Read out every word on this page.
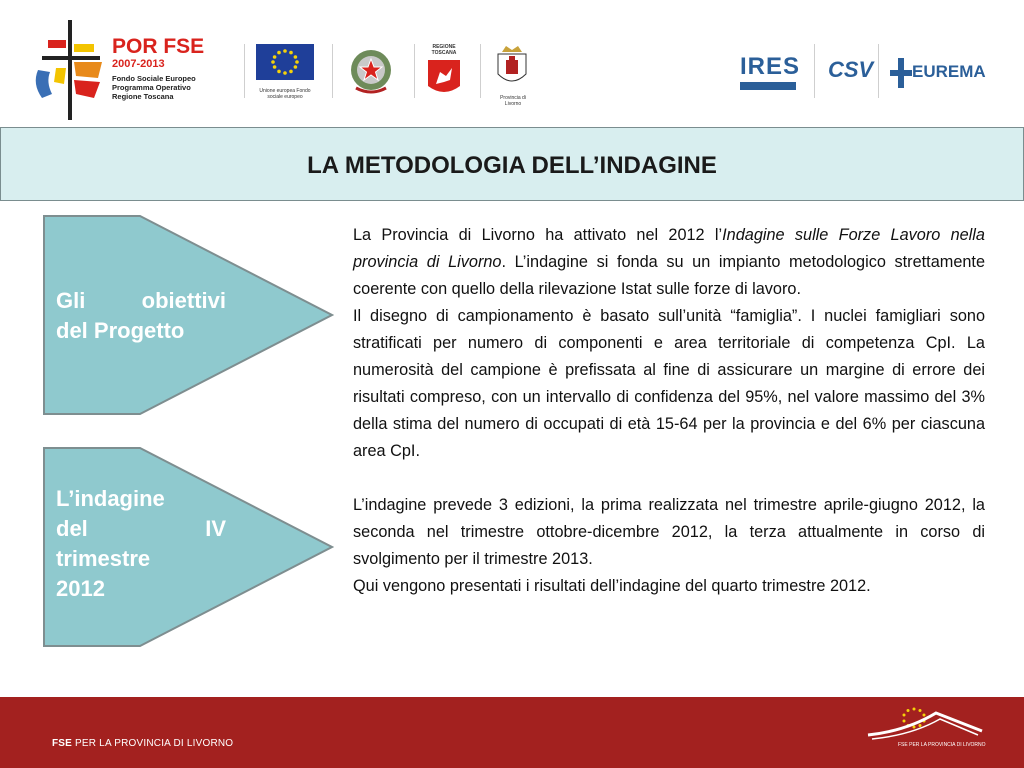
POR FSE
2007-2013
Fondo Sociale Europeo
Programma Operativo
Regione Toscana
Unione europea Fondo sociale europeo
REGIONE TOSCANA
Provincia di Livorno
IRES CSV EUREMA
LA METODOLOGIA DELL’INDAGINE
Gli obiettivi
del Progetto
L’indagine
del IV
trimestre
2012

La Provincia di Livorno ha attivato nel 2012 l’Indagine sulle Forze Lavoro nella provincia di Livorno. L’indagine si fonda su un impianto metodologico strettamente coerente con quello della rilevazione Istat sulle forze di lavoro.

Il disegno di campionamento è basato sull’unità “famiglia”. I nuclei famigliari sono stratificati per numero di componenti e area territoriale di competenza CpI. La numerosità del campione è prefissata al fine di assicurare un margine di errore dei risultati compreso, con un intervallo di confidenza del 95%, nel valore massimo del 3% della stima del numero di occupati di età 15-64 per la provincia e del 6% per ciascuna area CpI.

L’indagine prevede 3 edizioni, la prima realizzata nel trimestre aprile-giugno 2012, la seconda nel trimestre ottobre-dicembre 2012, la terza attualmente in corso di svolgimento per il trimestre 2013.

Qui vengono presentati i risultati dell’indagine del quarto trimestre 2012.

FSE PER LA PROVINCIA DI LIVORNO	FSE PER LA PROVINCIA DI LIVORNO
